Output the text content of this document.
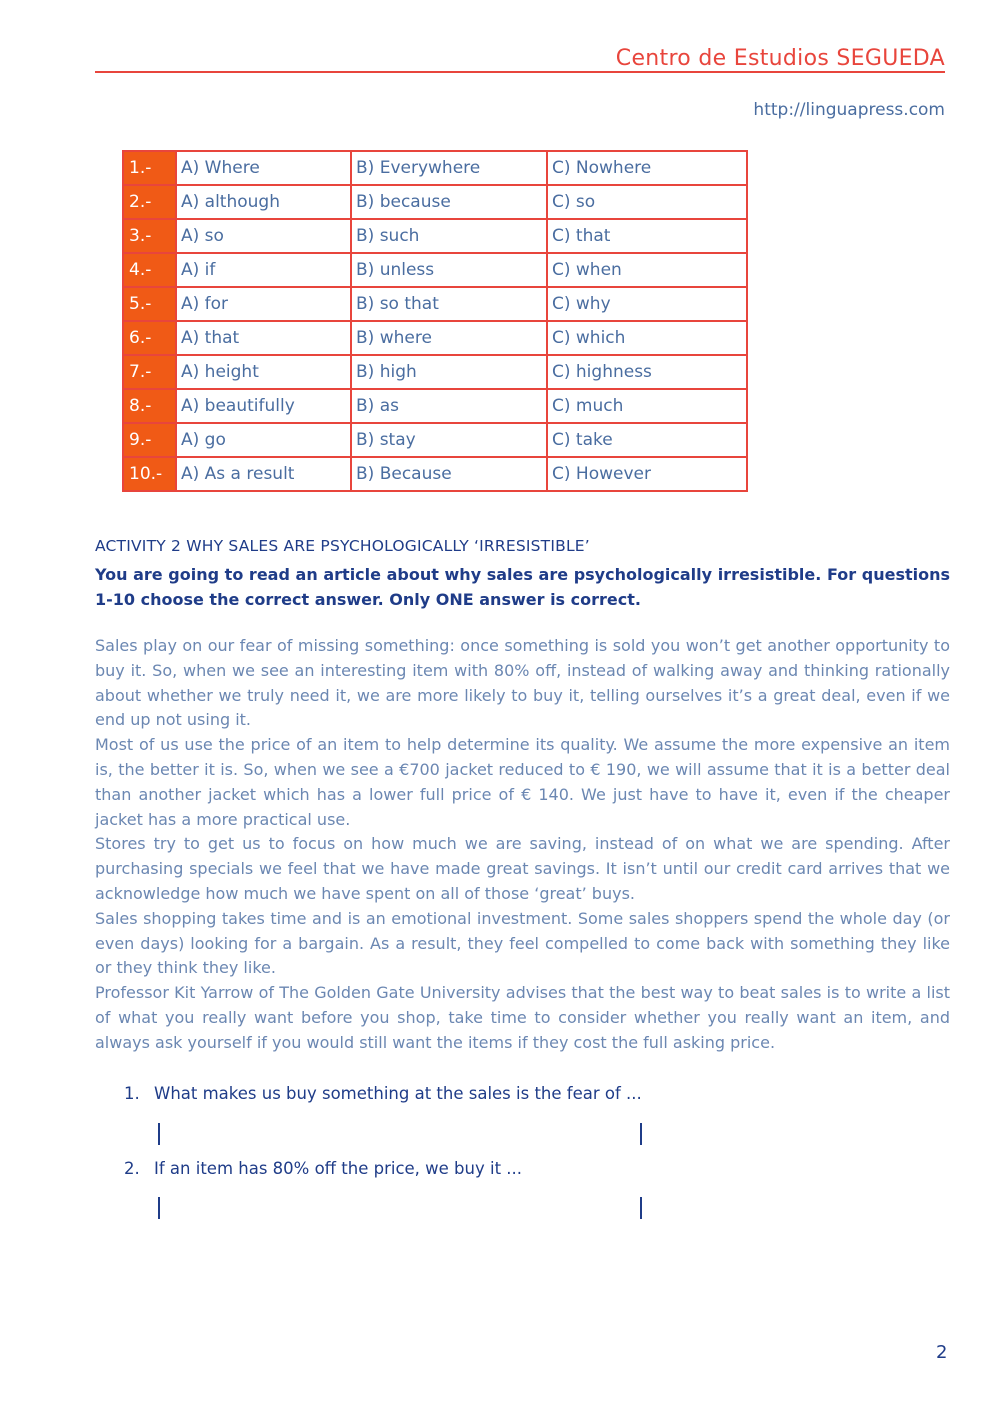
Centro de Estudios SEGUEDA
http://linguapress.com
1.-	A) Where	B) Everywhere	C) Nowhere
2.-	A) although	B) because	C) so
3.-	A) so	B) such	C) that
4.-	A) if	B) unless	C) when
5.-	A) for	B) so that	C) why
6.-	A) that	B) where	C) which
7.-	A) height	B) high	C) highness
8.-	A) beautifully	B) as	C) much
9.-	A) go	B) stay	C) take
10.-	A) As a result	B) Because	C) However
ACTIVITY 2 WHY SALES ARE PSYCHOLOGICALLY ‘IRRESISTIBLE’
You are going to read an article about why sales are psychologically irresistible. For questions 1-10 choose the correct answer. Only ONE answer is correct.

Sales play on our fear of missing something: once something is sold you won’t get another opportunity to buy it. So, when we see an interesting item with 80% off, instead of walking away and thinking rationally about whether we truly need it, we are more likely to buy it, telling ourselves it’s a great deal, even if we end up not using it.

Most of us use the price of an item to help determine its quality. We assume the more expensive an item is, the better it is. So, when we see a €700 jacket reduced to € 190, we will assume that it is a better deal than another jacket which has a lower full price of € 140. We just have to have it, even if the cheaper jacket has a more practical use.

Stores try to get us to focus on how much we are saving, instead of on what we are spending. After purchasing specials we feel that we have made great savings. It isn’t until our credit card arrives that we acknowledge how much we have spent on all of those ‘great’ buys.

Sales shopping takes time and is an emotional investment. Some sales shoppers spend the whole day (or even days) looking for a bargain. As a result, they feel compelled to come back with something they like or they think they like.

Professor Kit Yarrow of The Golden Gate University advises that the best way to beat sales is to write a list of what you really want before you shop, take time to consider whether you really want an item, and always ask yourself if you would still want the items if they cost the full asking price.

1. What makes us buy something at the sales is the fear of ...
2. If an item has 80% off the price, we buy it ...
2
